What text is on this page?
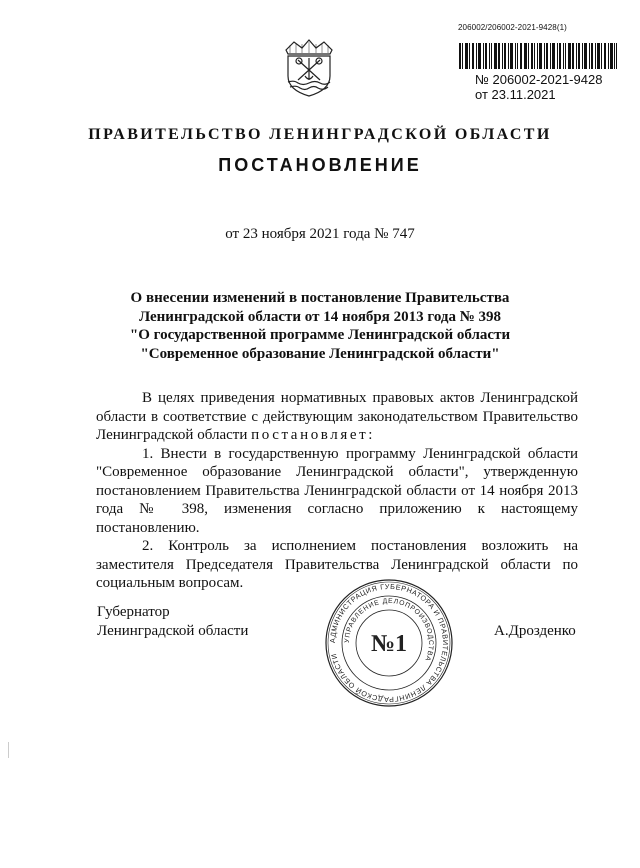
206002/206002-2021-9428(1)
№ 206002-2021-9428
от 23.11.2021
ПРАВИТЕЛЬСТВО ЛЕНИНГРАДСКОЙ ОБЛАСТИ
ПОСТАНОВЛЕНИЕ
от 23 ноября 2021 года № 747
О внесении изменений в постановление Правительства
Ленинградской области от 14 ноября 2013 года № 398
"О государственной программе Ленинградской области
"Современное образование Ленинградской области"

В целях приведения нормативных правовых актов Ленинградской области в соответствие с действующим законодательством Правительство Ленинградской области постановляет:

1. Внести в государственную программу Ленинградской области "Современное образование Ленинградской области", утвержденную постановлением Правительства Ленинградской области от 14 ноября 2013 года № 398, изменения согласно приложению к настоящему постановлению.

2. Контроль за исполнением постановления возложить на заместителя Председателя Правительства Ленинградской области по социальным вопросам.

Губернатор
Ленинградской области
АДМИНИСТРАЦИЯ ГУБЕРНАТОРА И ПРАВИТЕЛЬСТВА ЛЕНИНГРАДСКОЙ ОБЛАСТИ
УПРАВЛЕНИЕ ДЕЛОПРОИЗВОДСТВА
№1	А.Дрозденко
